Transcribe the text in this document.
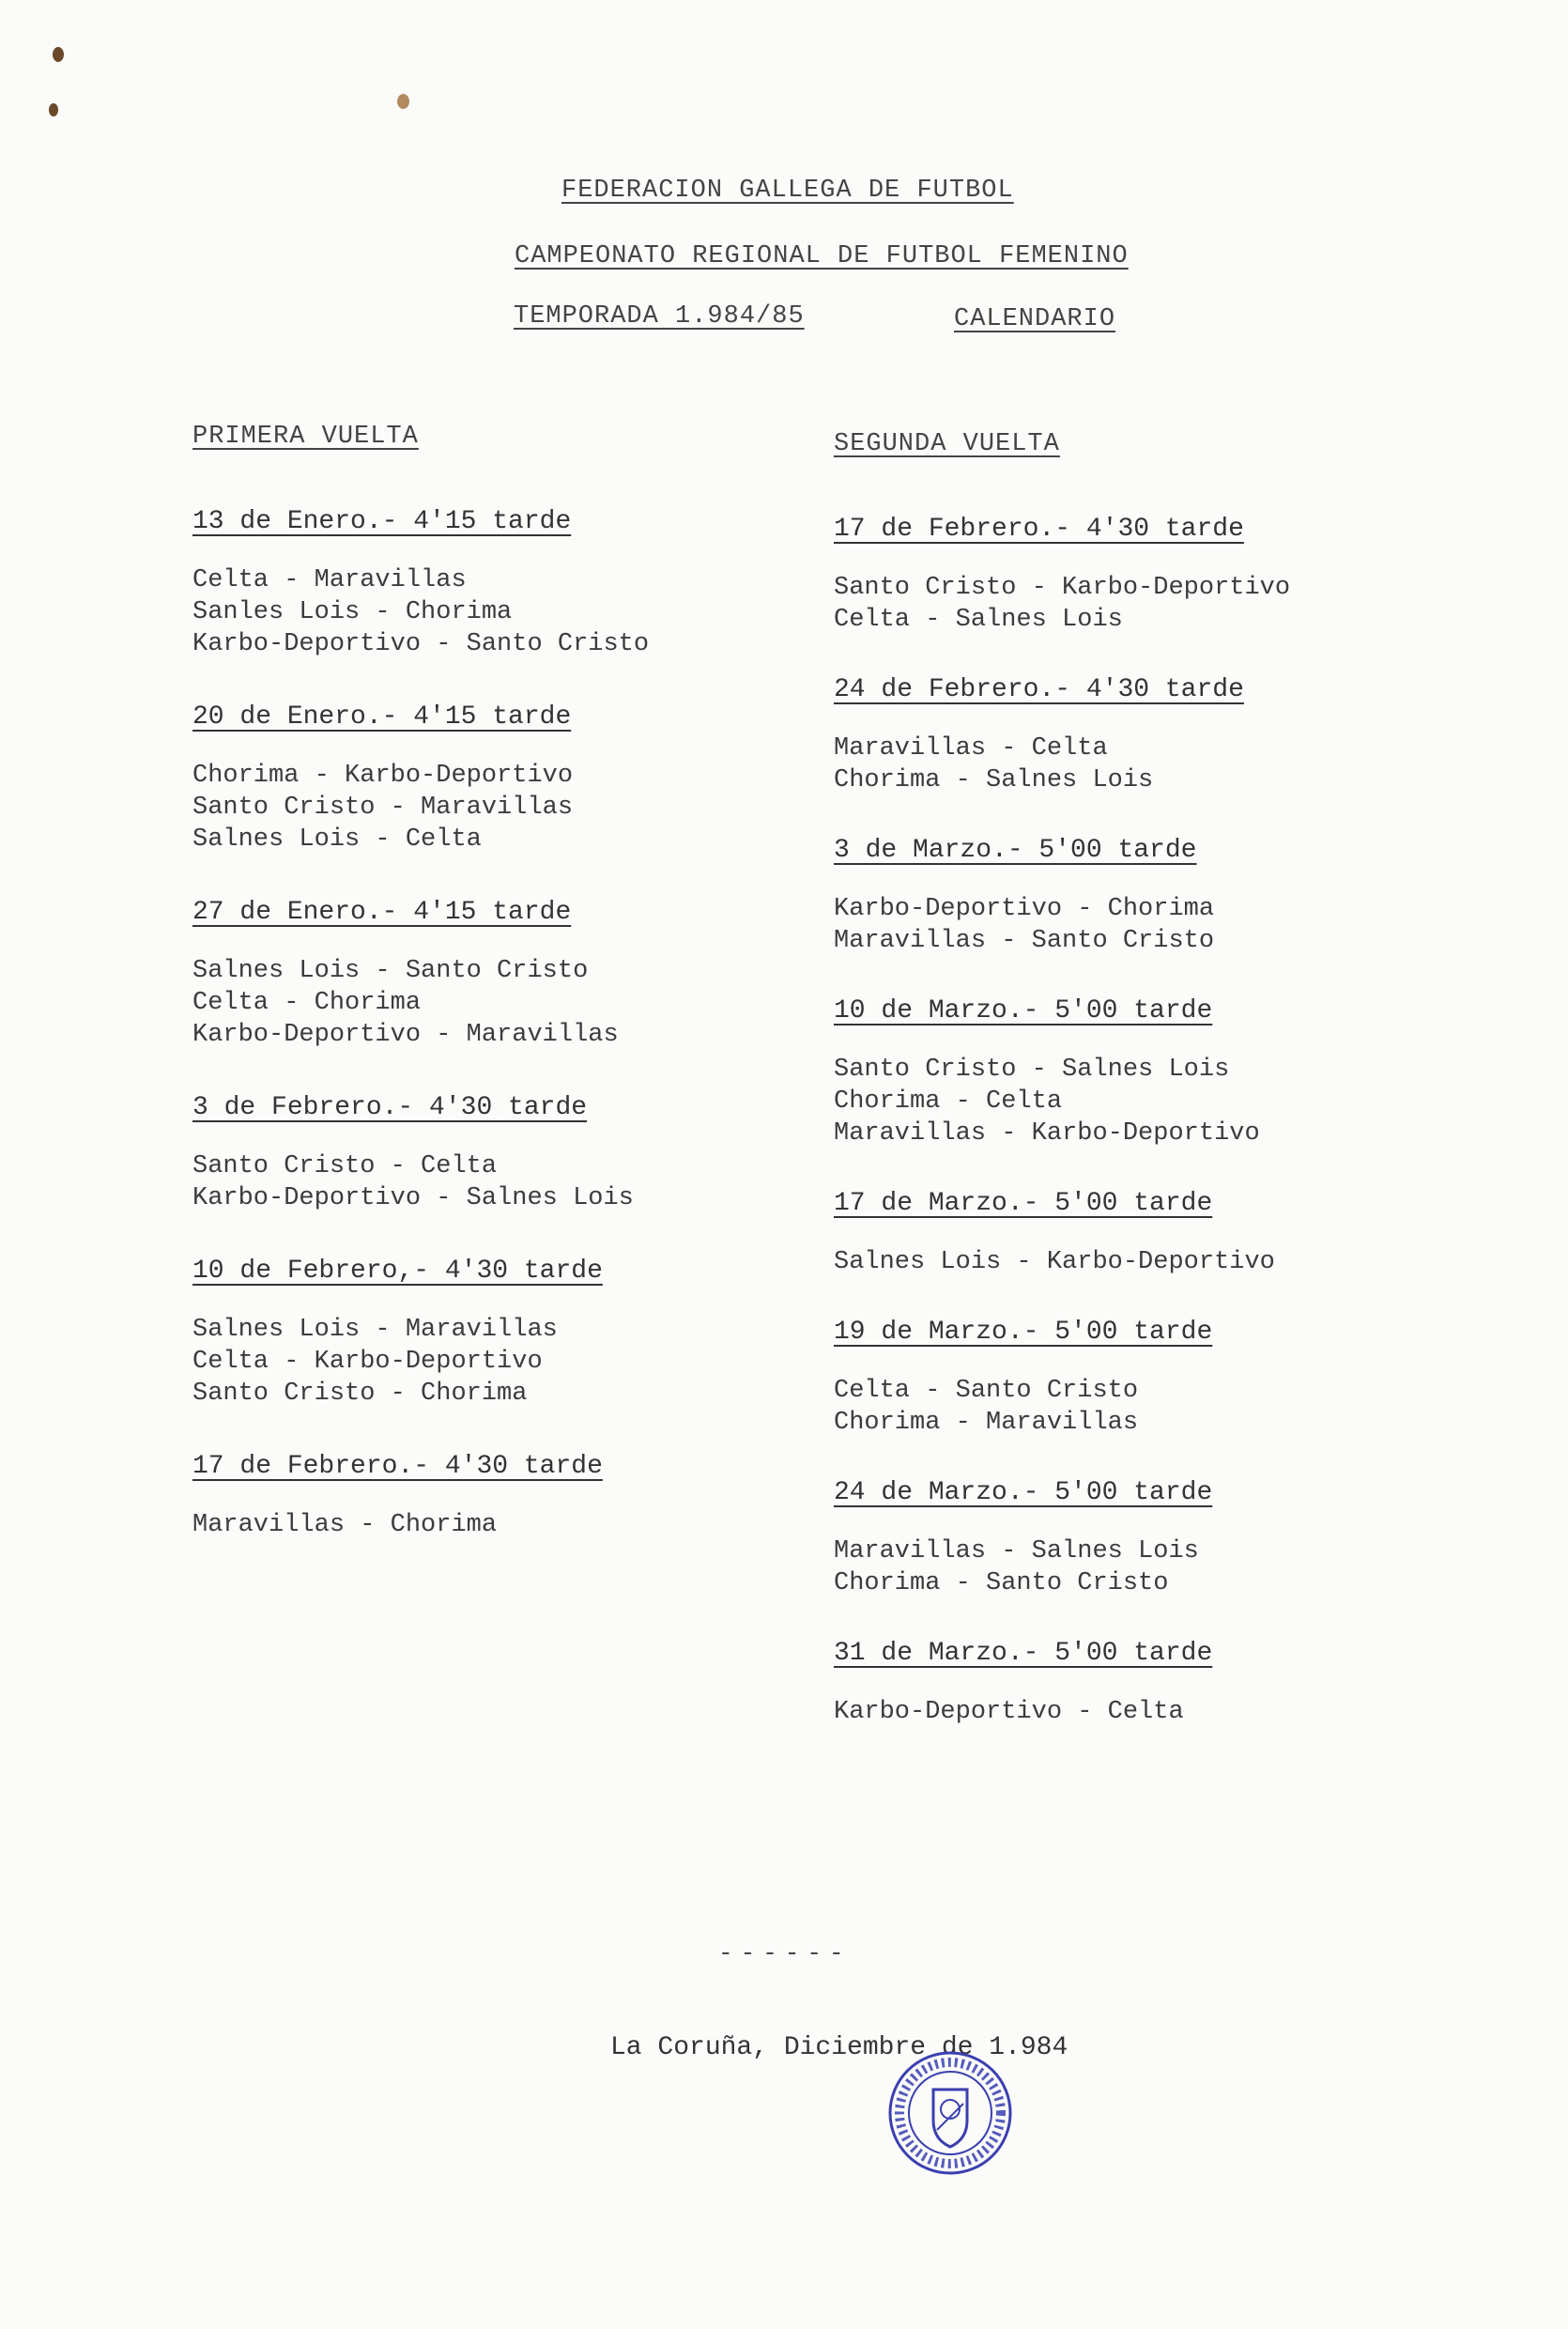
FEDERACION GALLEGA DE FUTBOL
CAMPEONATO REGIONAL DE FUTBOL FEMENINO
TEMPORADA 1.984/85	CALENDARIO
PRIMERA VUELTA
13 de Enero.- 4'15 tarde
Celta - Maravillas
Sanles Lois - Chorima
Karbo-Deportivo - Santo Cristo
20 de Enero.- 4'15 tarde
Chorima - Karbo-Deportivo
Santo Cristo - Maravillas
Salnes Lois - Celta
27 de Enero.- 4'15 tarde
Salnes Lois - Santo Cristo
Celta - Chorima
Karbo-Deportivo - Maravillas
3 de Febrero.- 4'30 tarde
Santo Cristo - Celta
Karbo-Deportivo - Salnes Lois
10 de Febrero,- 4'30 tarde
Salnes Lois - Maravillas
Celta - Karbo-Deportivo
Santo Cristo - Chorima
17 de Febrero.- 4'30 tarde
Maravillas - Chorima
SEGUNDA VUELTA
17 de Febrero.- 4'30 tarde
Santo Cristo - Karbo-Deportivo
Celta - Salnes Lois
24 de Febrero.- 4'30 tarde
Maravillas - Celta
Chorima - Salnes Lois
3 de Marzo.- 5'00 tarde
Karbo-Deportivo - Chorima
Maravillas - Santo Cristo
10 de Marzo.- 5'00 tarde
Santo Cristo - Salnes Lois
Chorima - Celta
Maravillas - Karbo-Deportivo
17 de Marzo.- 5'00 tarde
Salnes Lois - Karbo-Deportivo
19 de Marzo.- 5'00 tarde
Celta - Santo Cristo
Chorima - Maravillas
24 de Marzo.- 5'00 tarde
Maravillas - Salnes Lois
Chorima - Santo Cristo
31 de Marzo.- 5'00 tarde
Karbo-Deportivo - Celta
------
La Coruña, Diciembre de 1.984
